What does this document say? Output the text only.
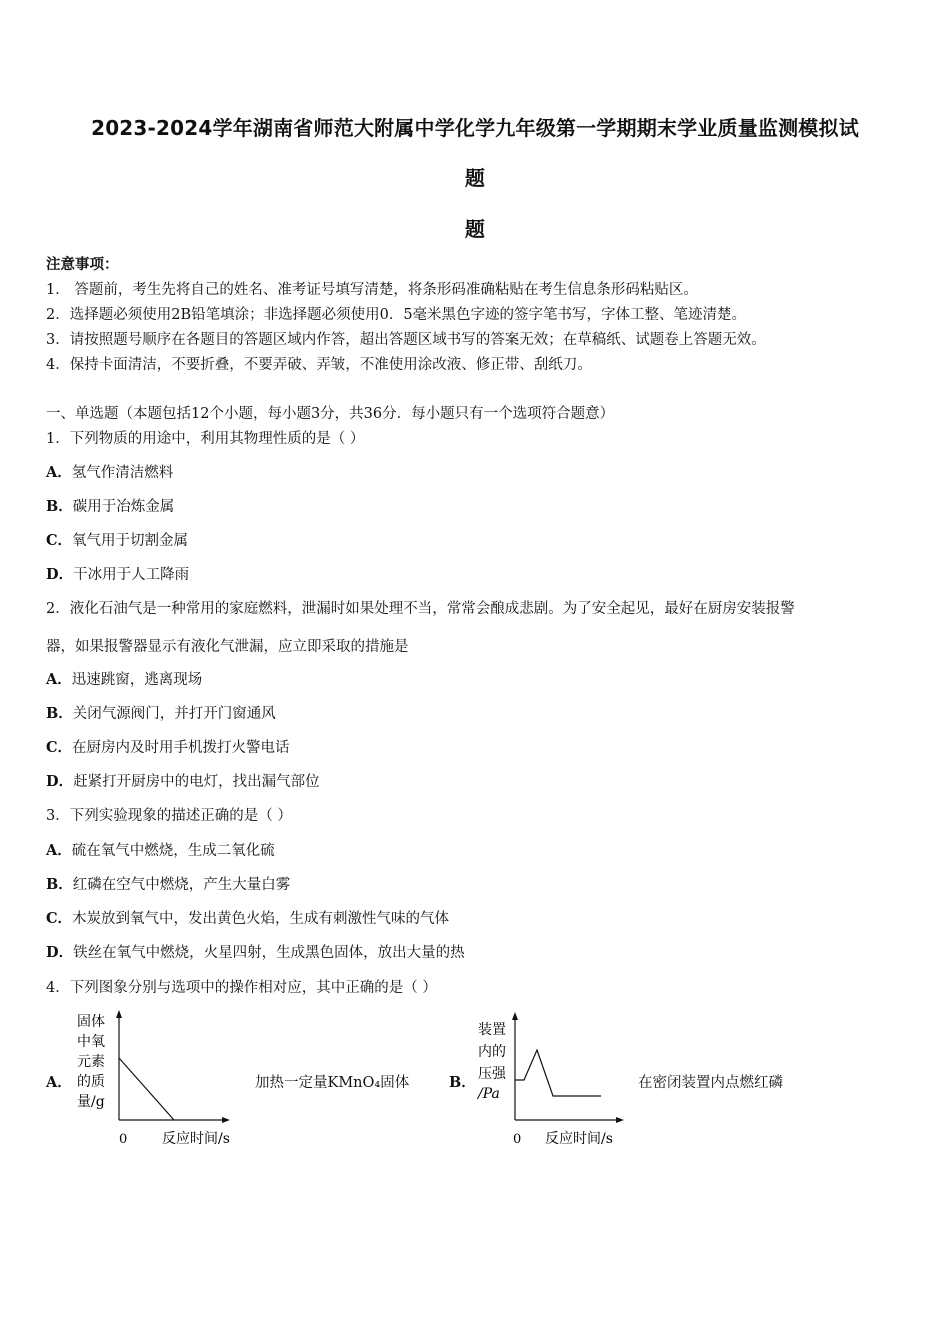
2023-2024学年湖南省师范大附属中学化学九年级第一学期期末学业质量监测模拟试
题
题
注意事项：
1． 答题前，考生先将自己的姓名、准考证号填写清楚，将条形码准确粘贴在考生信息条形码粘贴区。
2．选择题必须使用2B铅笔填涂；非选择题必须使用0．5毫米黑色字迹的签字笔书写，字体工整、笔迹清楚。
3．请按照题号顺序在各题目的答题区域内作答，超出答题区域书写的答案无效；在草稿纸、试题卷上答题无效。
4．保持卡面清洁，不要折叠，不要弄破、弄皱，不准使用涂改液、修正带、刮纸刀。
一、单选题（本题包括12个小题，每小题3分，共36分．每小题只有一个选项符合题意）
1．下列物质的用途中，利用其物理性质的是（ ）
A．氢气作清洁燃料
B．碳用于冶炼金属
C．氧气用于切割金属
D．干冰用于人工降雨
2．液化石油气是一种常用的家庭燃料，泄漏时如果处理不当，常常会酿成悲剧。为了安全起见，最好在厨房安装报警
器，如果报警器显示有液化气泄漏，应立即采取的措施是
A．迅速跳窗，逃离现场
B．关闭气源阀门，并打开门窗通风
C．在厨房内及时用手机拨打火警电话
D．赶紧打开厨房中的电灯，找出漏气部位
3．下列实验现象的描述正确的是（ ）
A．硫在氧气中燃烧，生成二氧化硫
B．红磷在空气中燃烧，产生大量白雾
C．木炭放到氧气中，发出黄色火焰，生成有刺激性气味的气体
D．铁丝在氧气中燃烧，火星四射，生成黑色固体，放出大量的热
4．下列图象分别与选项中的操作相对应，其中正确的是（ ）
A．
固体
中氧
元素
的质
量/g
0 反应时间/s
加热一定量KMnO₄固体	B．
装置
内的
压强
/Pa
0 反应时间/s
在密闭装置内点燃红磷
